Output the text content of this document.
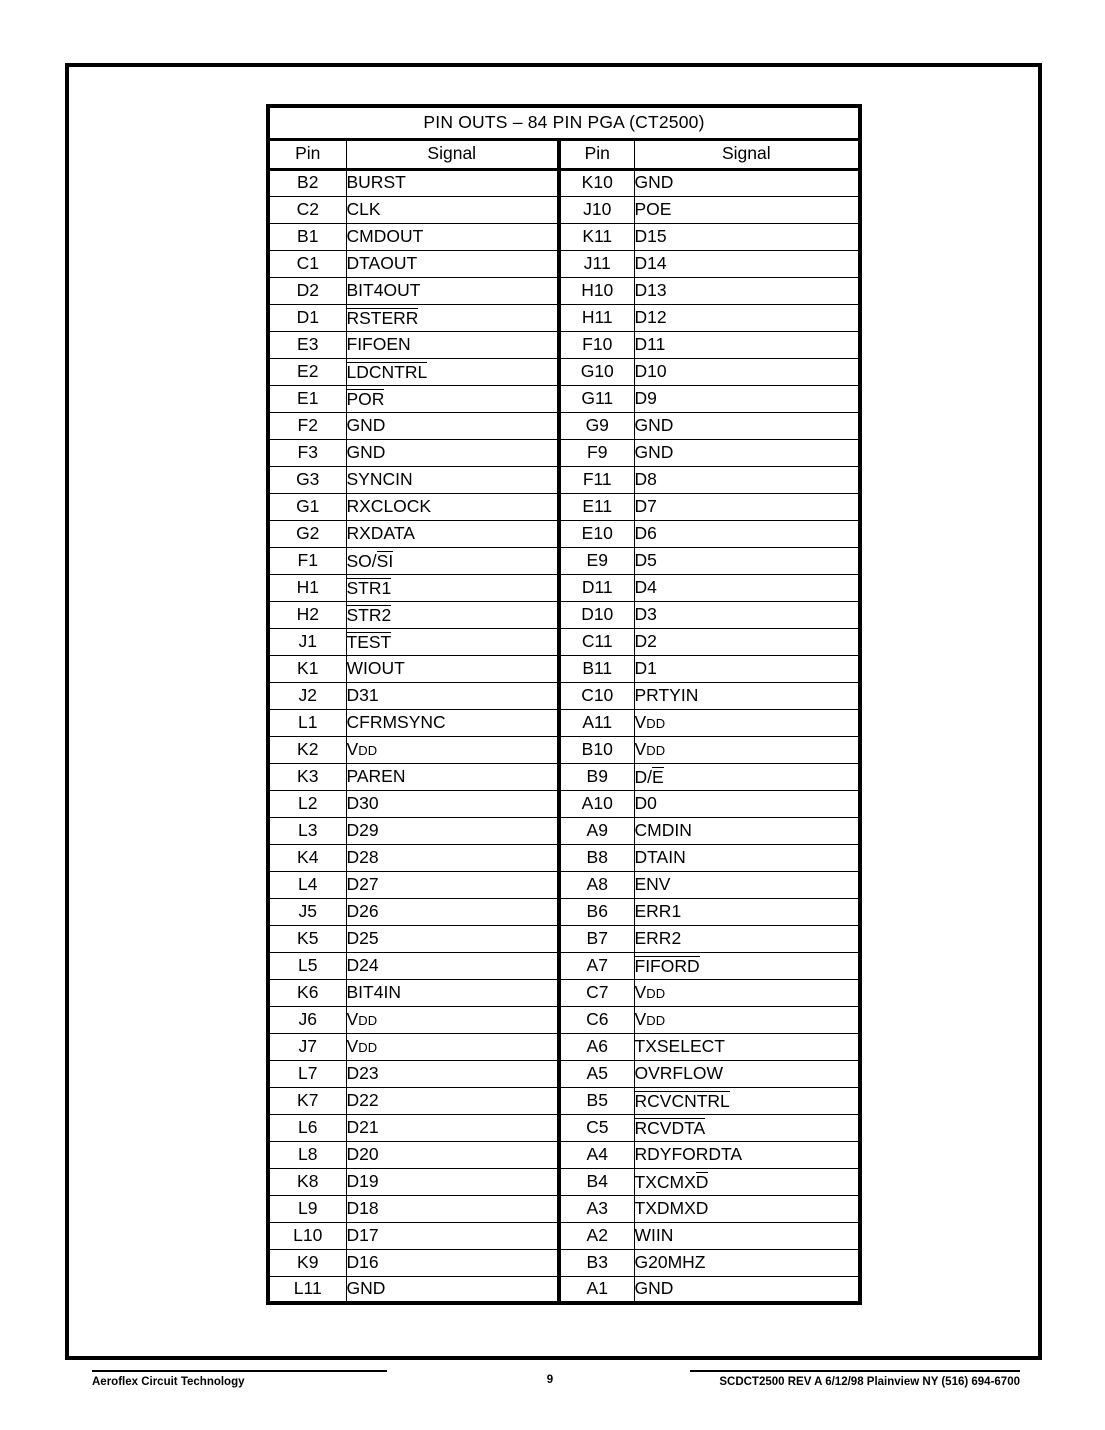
PIN OUTS – 84 PIN PGA (CT2500)			
Pin	Signal	Pin	Signal
B2	BURST	K10	GND
C2	CLK	J10	POE
B1	CMDOUT	K11	D15
C1	DTAOUT	J11	D14
D2	BIT4OUT	H10	D13
D1	RSTERR	H11	D12
E3	FIFOEN	F10	D11
E2	LDCNTRL	G10	D10
E1	POR	G11	D9
F2	GND	G9	GND
F3	GND	F9	GND
G3	SYNCIN	F11	D8
G1	RXCLOCK	E11	D7
G2	RXDATA	E10	D6
F1	SO/SI	E9	D5
H1	STR1	D11	D4
H2	STR2	D10	D3
J1	TEST	C11	D2
K1	WIOUT	B11	D1
J2	D31	C10	PRTYIN
L1	CFRMSYNC	A11	VDD
K2	VDD	B10	VDD
K3	PAREN	B9	D/E
L2	D30	A10	D0
L3	D29	A9	CMDIN
K4	D28	B8	DTAIN
L4	D27	A8	ENV
J5	D26	B6	ERR1
K5	D25	B7	ERR2
L5	D24	A7	FIFORD
K6	BIT4IN	C7	VDD
J6	VDD	C6	VDD
J7	VDD	A6	TXSELECT
L7	D23	A5	OVRFLOW
K7	D22	B5	RCVCNTRL
L6	D21	C5	RCVDTA
L8	D20	A4	RDYFORDTA
K8	D19	B4	TXCMXD
L9	D18	A3	TXDMXD
L10	D17	A2	WIIN
K9	D16	B3	G20MHZ
L11	GND	A1	GND
Aeroflex Circuit Technology	9	SCDCT2500 REV A 6/12/98 Plainview NY (516) 694-6700
